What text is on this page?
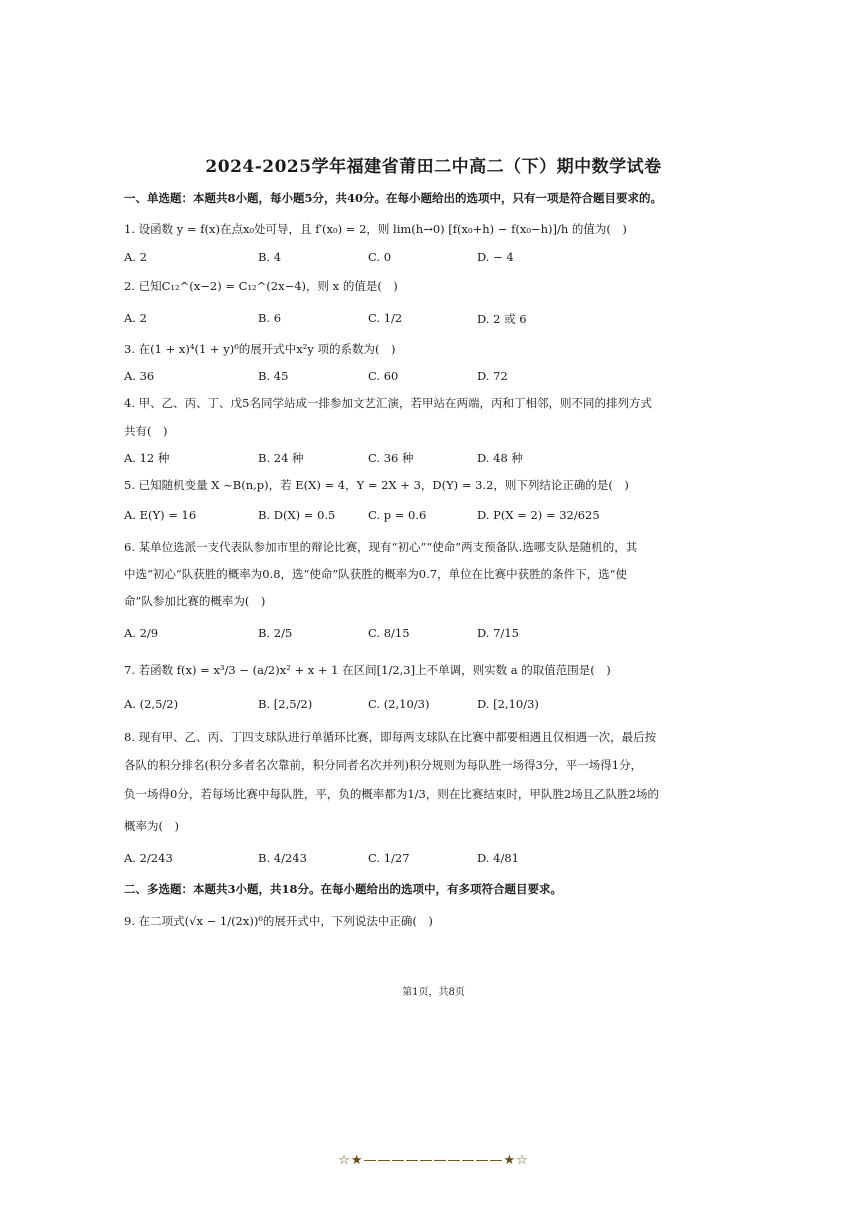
2024-2025学年福建省莆田二中高二（下）期中数学试卷
一、单选题：本题共8小题，每小题5分，共40分。在每小题给出的选项中，只有一项是符合题目要求的。
1. 设函数 y = f(x)在点x₀处可导，且 f′(x₀) = 2，则 lim(h→0) [f(x₀+h) − f(x₀−h)]/h 的值为(　)
A. 2	B. 4	C. 0	D. − 4
2. 已知C₁₂^(x−2) = C₁₂^(2x−4)，则 x 的值是(　)
A. 2	B. 6	C. 1/2	D. 2 或 6
3. 在(1 + x)⁴(1 + y)⁶的展开式中x²y 项的系数为(　)
A. 36	B. 45	C. 60	D. 72
4. 甲、乙、丙、丁、戊5名同学站成一排参加文艺汇演，若甲站在两端，丙和丁相邻，则不同的排列方式
共有(　)
A. 12 种	B. 24 种	C. 36 种	D. 48 种
5. 已知随机变量 X ~B(n,p)，若 E(X) = 4，Y = 2X + 3，D(Y) = 3.2，则下列结论正确的是(　)
A. E(Y) = 16	B. D(X) = 0.5	C. p = 0.6	D. P(X = 2) = 32/625
6. 某单位选派一支代表队参加市里的辩论比赛，现有“初心”“使命”两支预备队.选哪支队是随机的，其
中选“初心”队获胜的概率为0.8，选“使命”队获胜的概率为0.7，单位在比赛中获胜的条件下，选“使
命”队参加比赛的概率为(　)
A. 2/9	B. 2/5	C. 8/15	D. 7/15
7. 若函数 f(x) = x³/3 − (a/2)x² + x + 1 在区间[1/2,3]上不单调，则实数 a 的取值范围是(　)
A. (2,5/2)	B. [2,5/2)	C. (2,10/3)	D. [2,10/3)
8. 现有甲、乙、丙、丁四支球队进行单循环比赛，即每两支球队在比赛中都要相遇且仅相遇一次，最后按
各队的积分排名(积分多者名次靠前，积分同者名次并列)积分规则为每队胜一场得3分，平一场得1分，
负一场得0分，若每场比赛中每队胜，平，负的概率都为1/3，则在比赛结束时，甲队胜2场且乙队胜2场的
概率为(　)
A. 2/243	B. 4/243	C. 1/27	D. 4/81
二、多选题：本题共3小题，共18分。在每小题给出的选项中，有多项符合题目要求。
9. 在二项式(√x − 1/(2x))⁶的展开式中，下列说法中正确(　)
第1页，共8页
☆★——————————★☆
